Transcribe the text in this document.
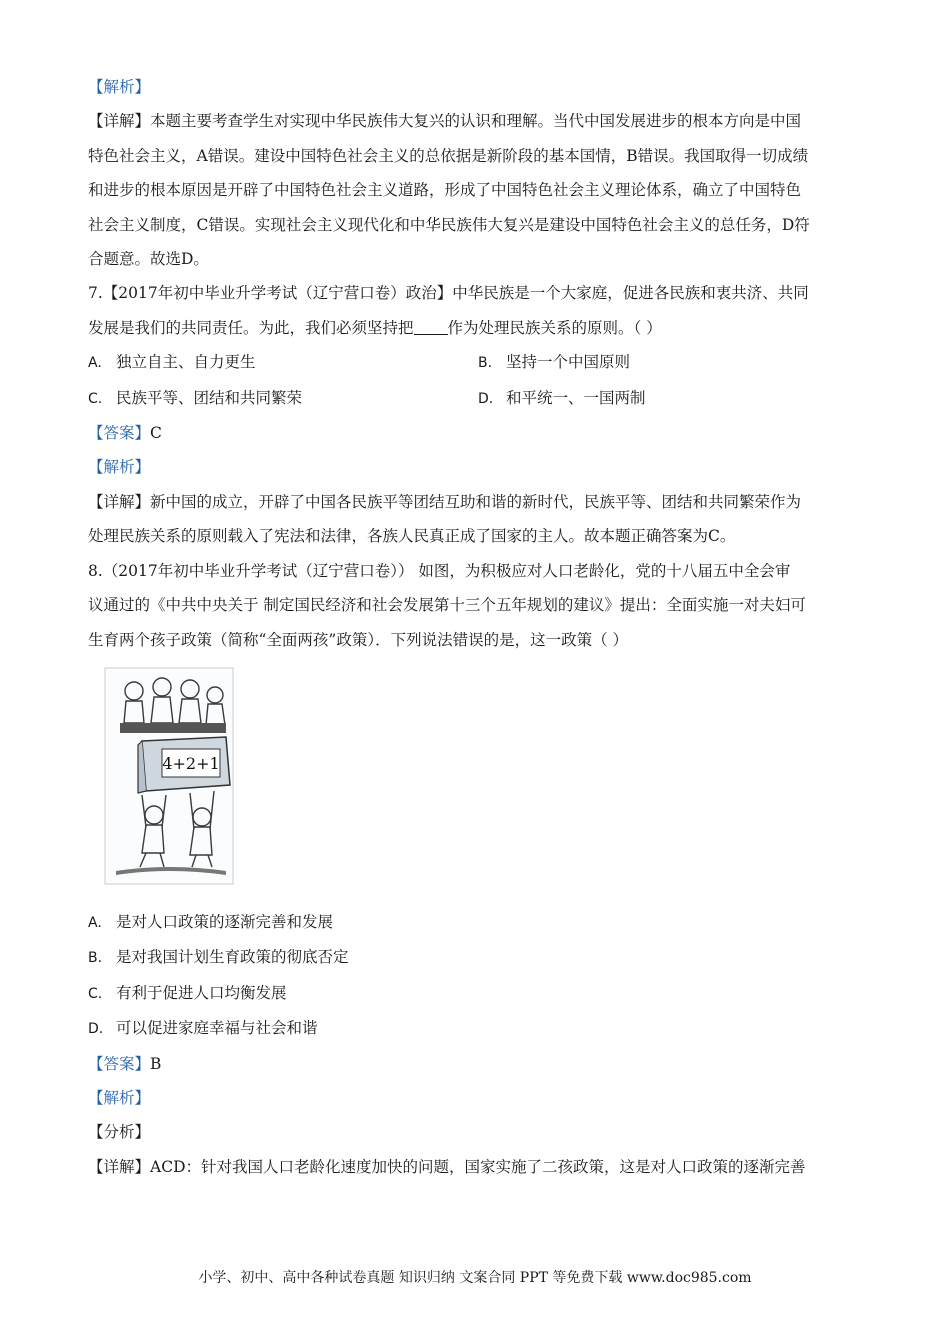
【解析】
【详解】本题主要考查学生对实现中华民族伟大复兴的认识和理解。当代中国发展进步的根本方向是中国
特色社会主义，A错误。建设中国特色社会主义的总依据是新阶段的基本国情，B错误。我国取得一切成绩
和进步的根本原因是开辟了中国特色社会主义道路，形成了中国特色社会主义理论体系，确立了中国特色
社会主义制度，C错误。实现社会主义现代化和中华民族伟大复兴是建设中国特色社会主义的总任务，D符
合题意。故选D。
7.【2017年初中毕业升学考试（辽宁营口卷）政治】中华民族是一个大家庭，促进各民族和衷共济、共同
发展是我们的共同责任。为此，我们必须坚持把 作为处理民族关系的原则。（ ）
A. 独立自主、自力更生	B. 坚持一个中国原则
C. 民族平等、团结和共同繁荣	D. 和平统一、一国两制
【答案】C
【解析】
【详解】新中国的成立，开辟了中国各民族平等团结互助和谐的新时代，民族平等、团结和共同繁荣作为
处理民族关系的原则载入了宪法和法律，各族人民真正成了国家的主人。故本题正确答案为C。
8.（2017年初中毕业升学考试（辽宁营口卷）） 如图，为积极应对人口老龄化，党的十八届五中全会审
议通过的《中共中央关于 制定国民经济和社会发展第十三个五年规划的建议》提出：全面实施一对夫妇可
生育两个孩子政策（简称“全面两孩”政策）．下列说法错误的是，这一政策（ ）
4+2+1
A. 是对人口政策的逐渐完善和发展
B. 是对我国计划生育政策的彻底否定
C. 有利于促进人口均衡发展
D. 可以促进家庭幸福与社会和谐
【答案】B
【解析】
【分析】
【详解】ACD：针对我国人口老龄化速度加快的问题，国家实施了二孩政策，这是对人口政策的逐渐完善
小学、初中、高中各种试卷真题 知识归纳 文案合同 PPT 等免费下载 www.doc985.com
